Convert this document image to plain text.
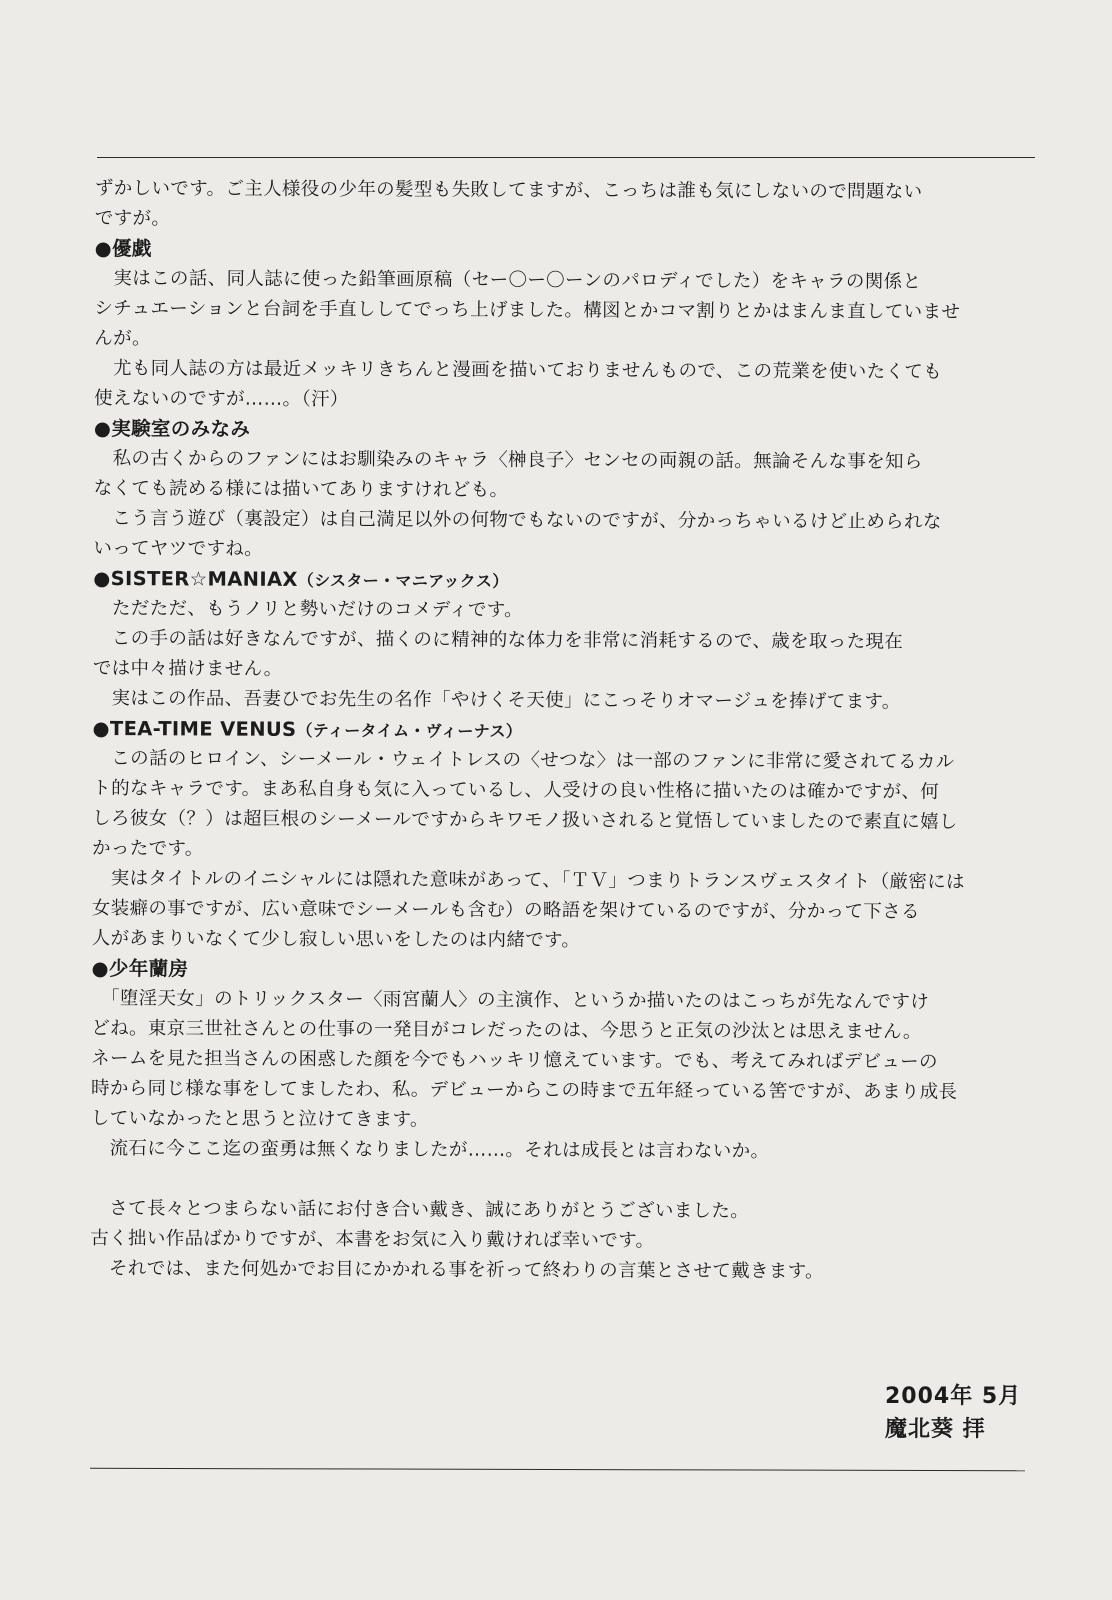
ずかしいです。ご主人様役の少年の髪型も失敗してますが、こっちは誰も気にしないので問題ない
ですが。
●優戯
　実はこの話、同人誌に使った鉛筆画原稿（セー〇ー〇ーンのパロディでした）をキャラの関係と
シチュエーションと台詞を手直ししてでっち上げました。構図とかコマ割りとかはまんま直していませ
んが。
　尤も同人誌の方は最近メッキリきちんと漫画を描いておりませんもので、この荒業を使いたくても
使えないのですが……。（汗）
●実験室のみなみ
　私の古くからのファンにはお馴染みのキャラ〈榊良子〉センセの両親の話。無論そんな事を知ら
なくても読める様には描いてありますけれども。
　こう言う遊び（裏設定）は自己満足以外の何物でもないのですが、分かっちゃいるけど止められな
いってヤツですね。
●SISTER☆MANIAX（シスター・マニアックス）
　ただただ、もうノリと勢いだけのコメディです。
　この手の話は好きなんですが、描くのに精神的な体力を非常に消耗するので、歳を取った現在
では中々描けません。
　実はこの作品、吾妻ひでお先生の名作「やけくそ天使」にこっそりオマージュを捧げてます。
●TEA-TIME VENUS（ティータイム・ヴィーナス）
　この話のヒロイン、シーメール・ウェイトレスの〈せつな〉は一部のファンに非常に愛されてるカル
ト的なキャラです。まあ私自身も気に入っているし、人受けの良い性格に描いたのは確かですが、何
しろ彼女（？）は超巨根のシーメールですからキワモノ扱いされると覚悟していましたので素直に嬉し
かったです。
　実はタイトルのイニシャルには隠れた意味があって、「ＴＶ」つまりトランスヴェスタイト（厳密には
女装癖の事ですが、広い意味でシーメールも含む）の略語を架けているのですが、分かって下さる
人があまりいなくて少し寂しい思いをしたのは内緒です。
●少年蘭房
　「堕淫天女」のトリックスター〈雨宮蘭人〉の主演作、というか描いたのはこっちが先なんですけ
どね。東京三世社さんとの仕事の一発目がコレだったのは、今思うと正気の沙汰とは思えません。
ネームを見た担当さんの困惑した顔を今でもハッキリ憶えています。でも、考えてみればデビューの
時から同じ様な事をしてましたわ、私。デビューからこの時まで五年経っている筈ですが、あまり成長
していなかったと思うと泣けてきます。
　流石に今ここ迄の蛮勇は無くなりましたが……。それは成長とは言わないか。
　さて長々とつまらない話にお付き合い戴き、誠にありがとうございました。
古く拙い作品ばかりですが、本書をお気に入り戴ければ幸いです。
　それでは、また何処かでお目にかかれる事を祈って終わりの言葉とさせて戴きます。
2004年 5月
魔北葵 拝
